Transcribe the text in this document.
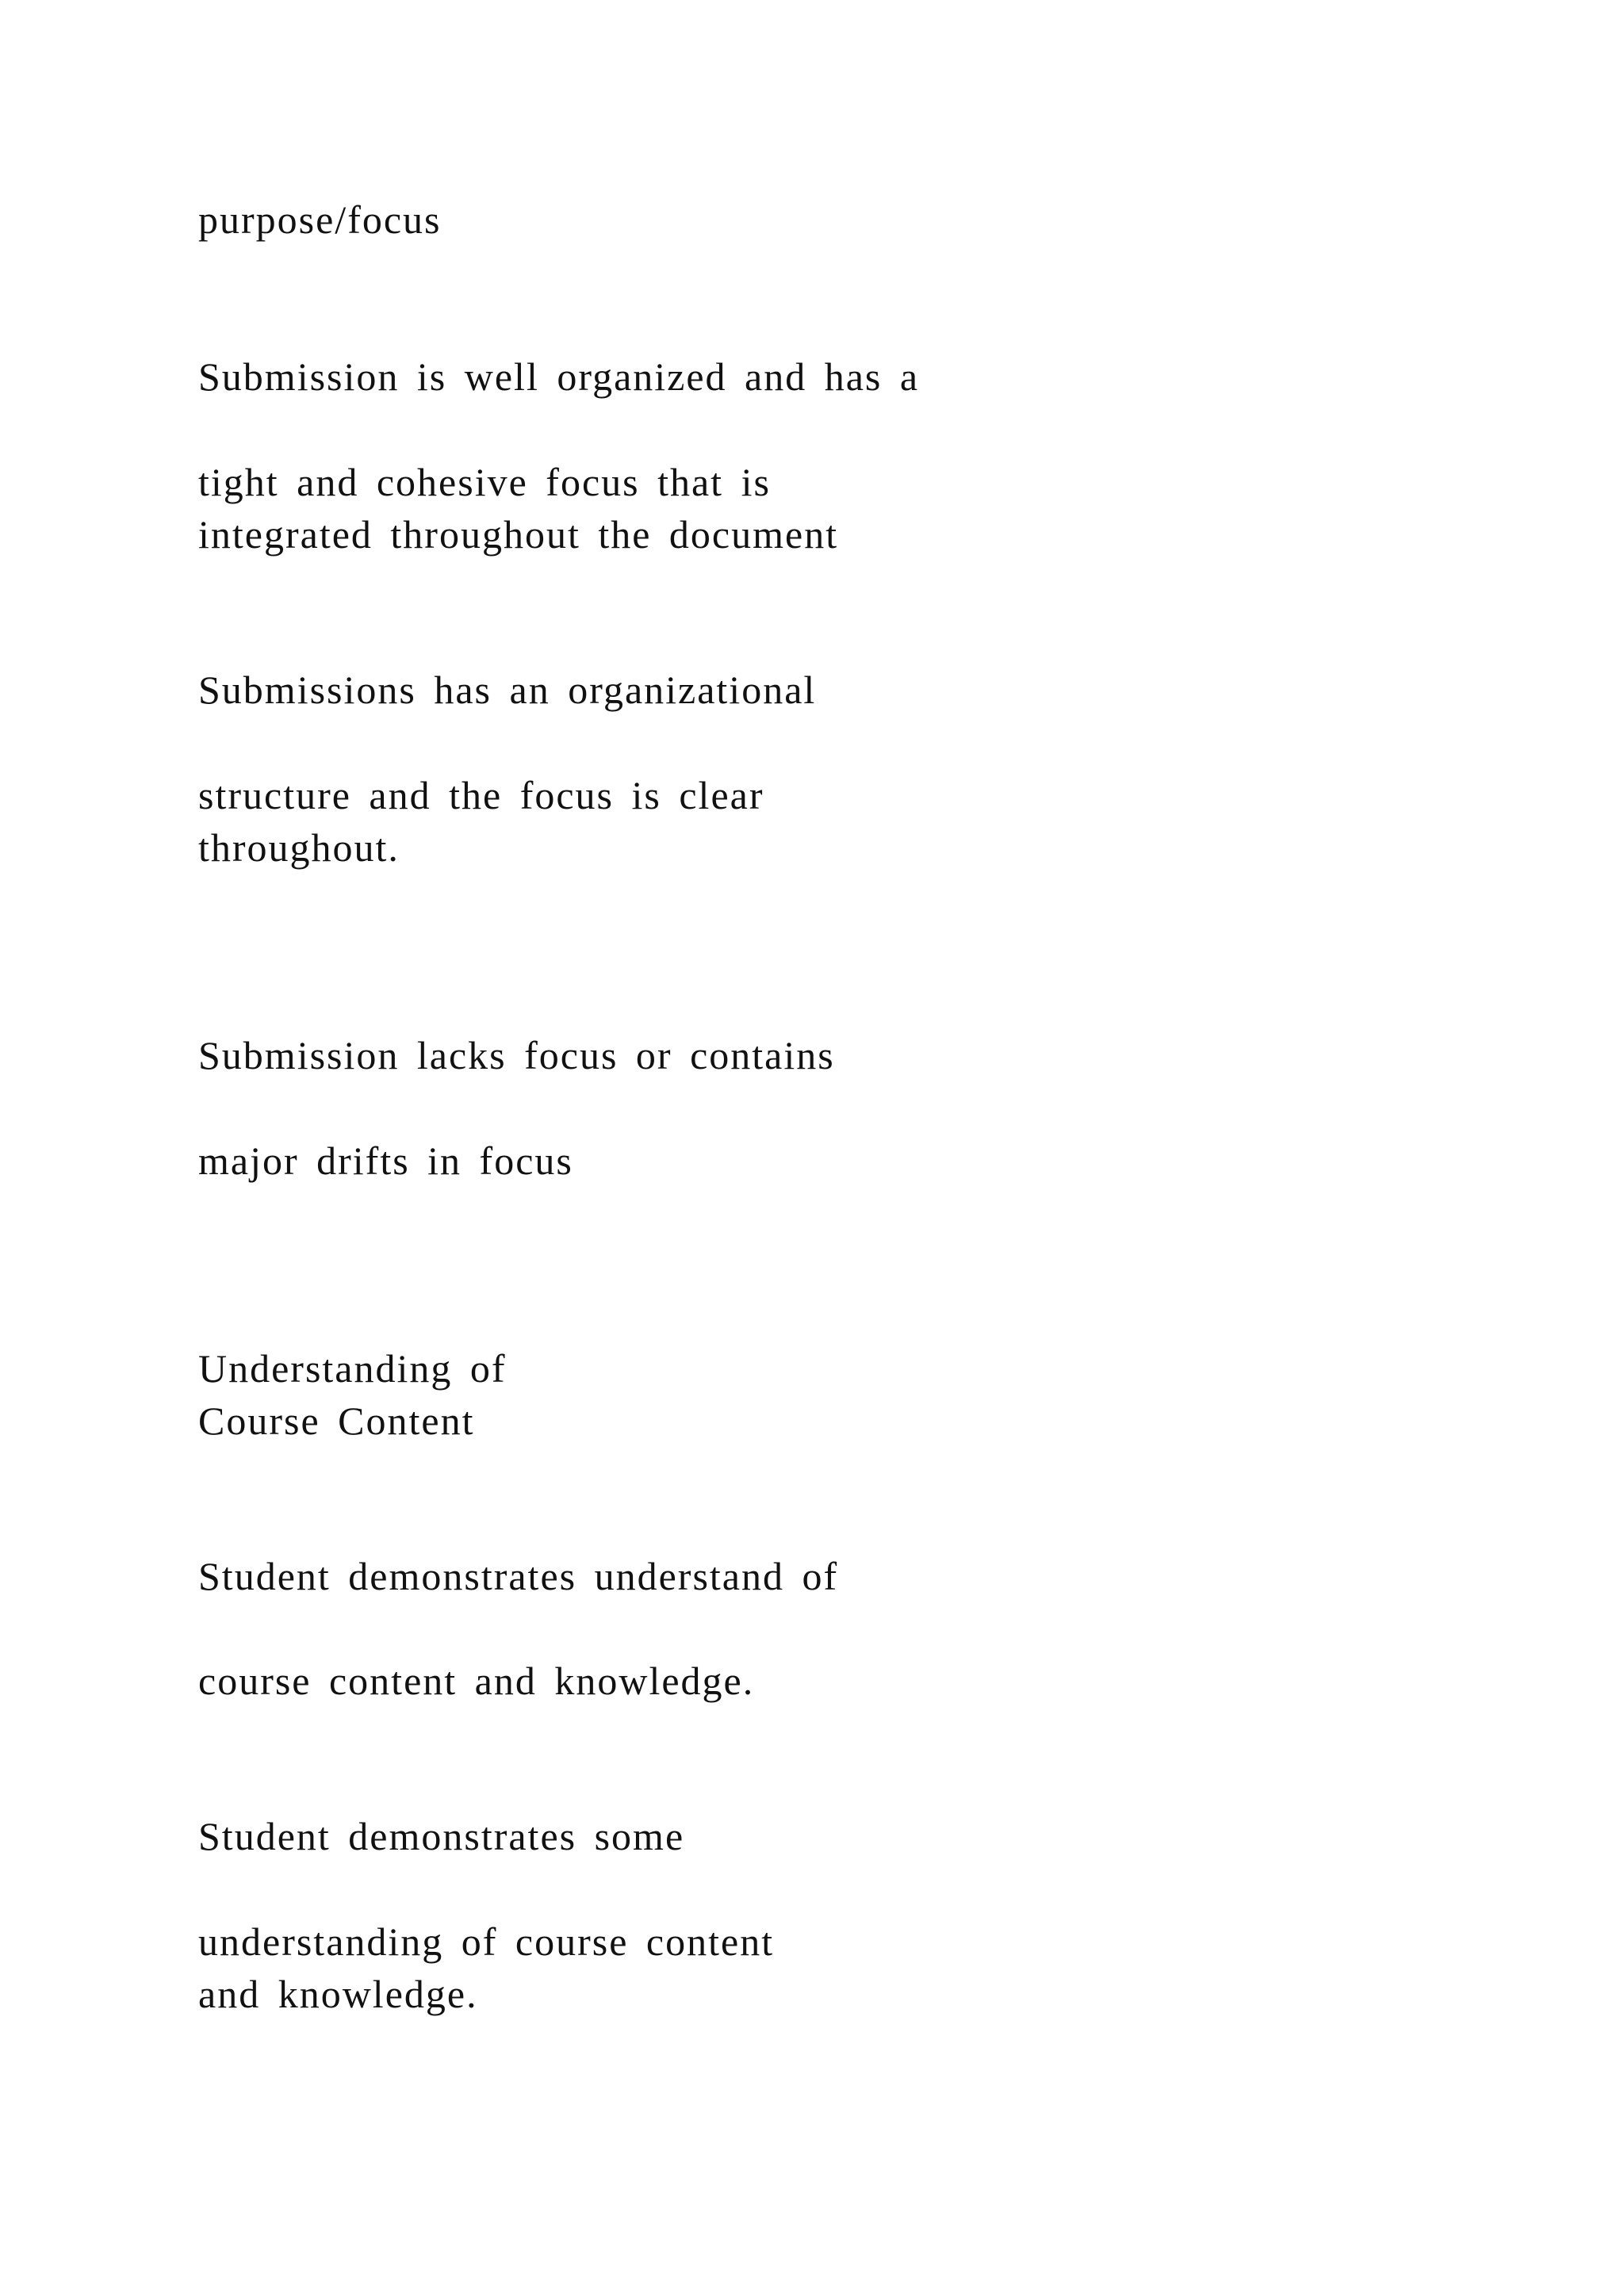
purpose/focus

Submission is well organized and has a

tight and cohesive focus that is

integrated throughout the document

Submissions has an organizational

structure and the focus is clear

throughout.

Submission lacks focus or contains

major drifts in focus

Understanding of

Course Content

Student demonstrates understand of

course content and knowledge.

Student demonstrates some

understanding of course content

and knowledge.
